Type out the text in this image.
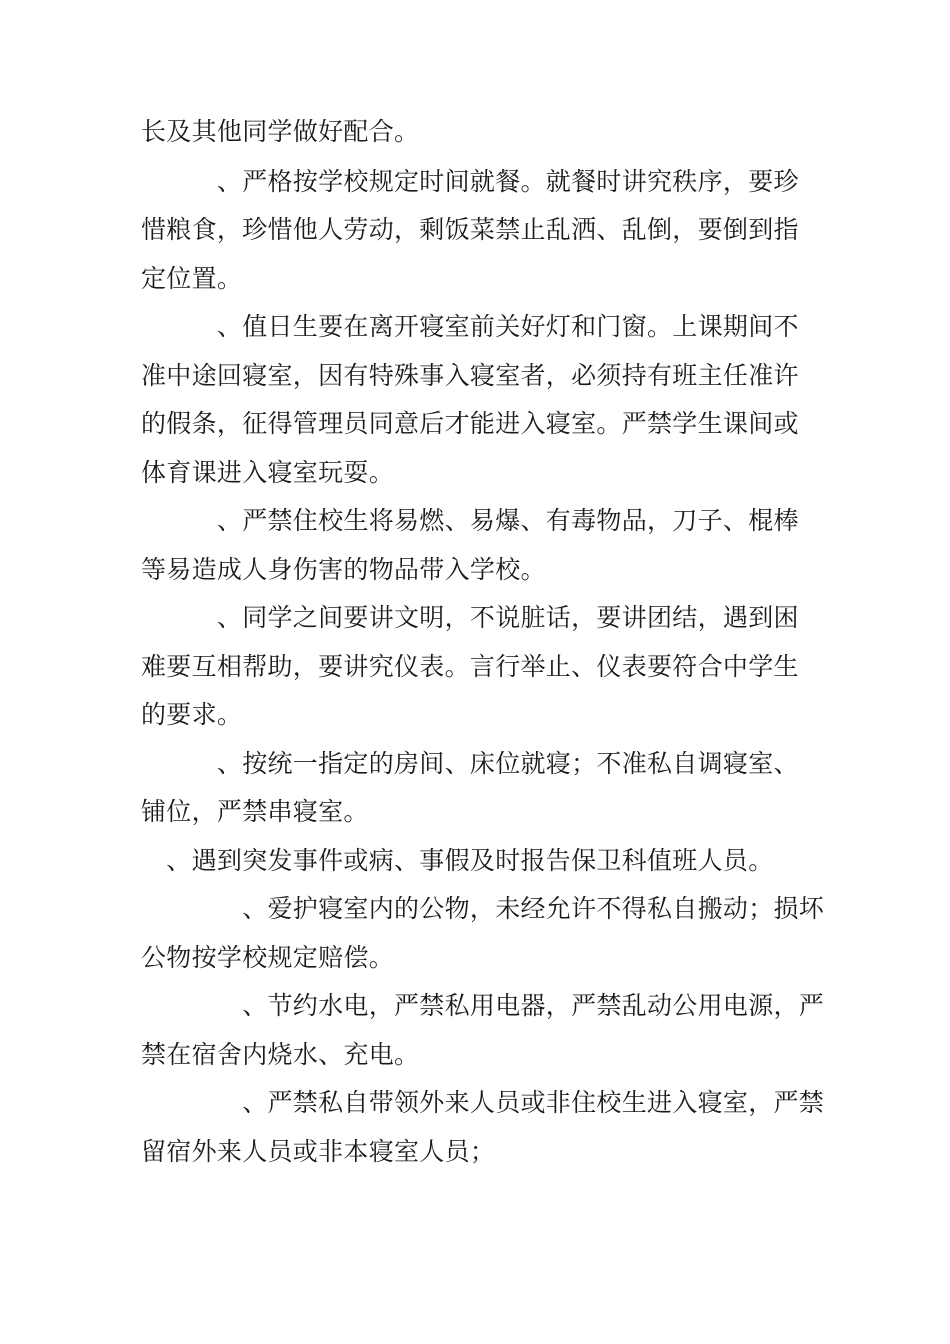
长及其他同学做好配合。
　　　、严格按学校规定时间就餐。就餐时讲究秩序，要珍
惜粮食，珍惜他人劳动，剩饭菜禁止乱洒、乱倒，要倒到指
定位置。
　　　、值日生要在离开寝室前关好灯和门窗。上课期间不
准中途回寝室，因有特殊事入寝室者，必须持有班主任准许
的假条，征得管理员同意后才能进入寝室。严禁学生课间或
体育课进入寝室玩耍。
　　　、严禁住校生将易燃、易爆、有毒物品，刀子、棍棒
等易造成人身伤害的物品带入学校。
　　　、同学之间要讲文明，不说脏话，要讲团结，遇到困
难要互相帮助，要讲究仪表。言行举止、仪表要符合中学生
的要求。
　　　、按统一指定的房间、床位就寝；不准私自调寝室、
铺位，严禁串寝室。
　、遇到突发事件或病、事假及时报告保卫科值班人员。
　　　　、爱护寝室内的公物，未经允许不得私自搬动；损坏
公物按学校规定赔偿。
　　　　、节约水电，严禁私用电器，严禁乱动公用电源，严
禁在宿舍内烧水、充电。
　　　　、严禁私自带领外来人员或非住校生进入寝室，严禁
留宿外来人员或非本寝室人员；
